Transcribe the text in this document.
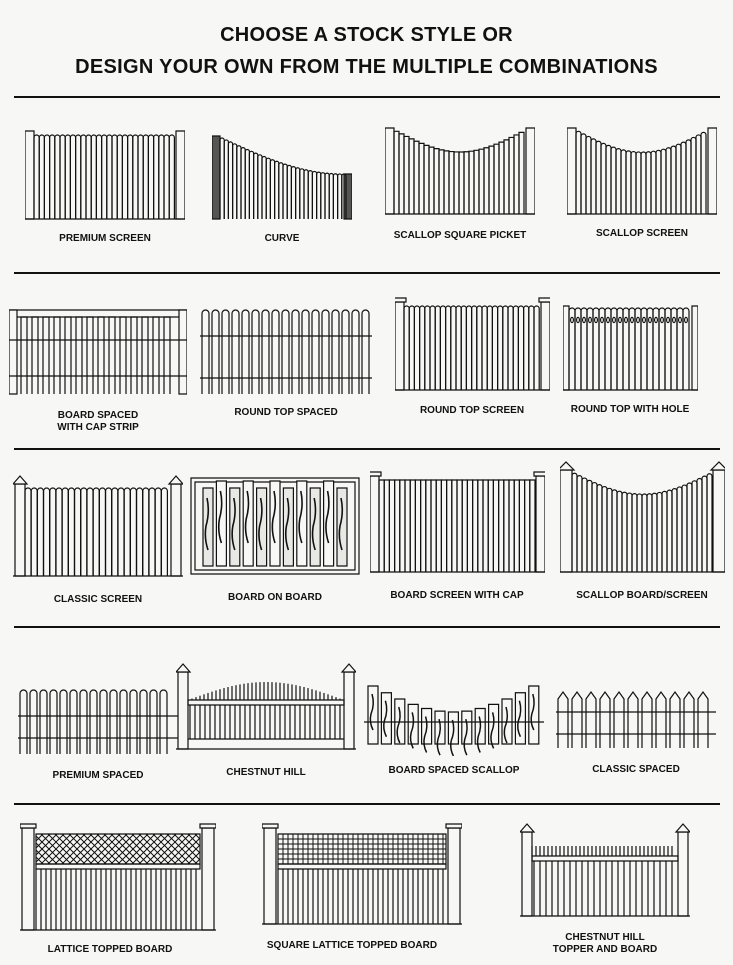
CHOOSE A STOCK STYLE OR
DESIGN YOUR OWN FROM THE MULTIPLE COMBINATIONS
PREMIUM SCREEN	CURVE	SCALLOP SQUARE PICKET	SCALLOP SCREEN
BOARD SPACED
WITH CAP STRIP
ROUND TOP SPACED	ROUND TOP SCREEN	ROUND TOP WITH HOLE
CLASSIC SCREEN	BOARD ON BOARD	BOARD SCREEN WITH CAP	SCALLOP BOARD/SCREEN
PREMIUM SPACED	CHESTNUT HILL	BOARD SPACED SCALLOP	CLASSIC SPACED
LATTICE TOPPED BOARD	SQUARE LATTICE TOPPED BOARD
CHESTNUT HILL
TOPPER AND BOARD
